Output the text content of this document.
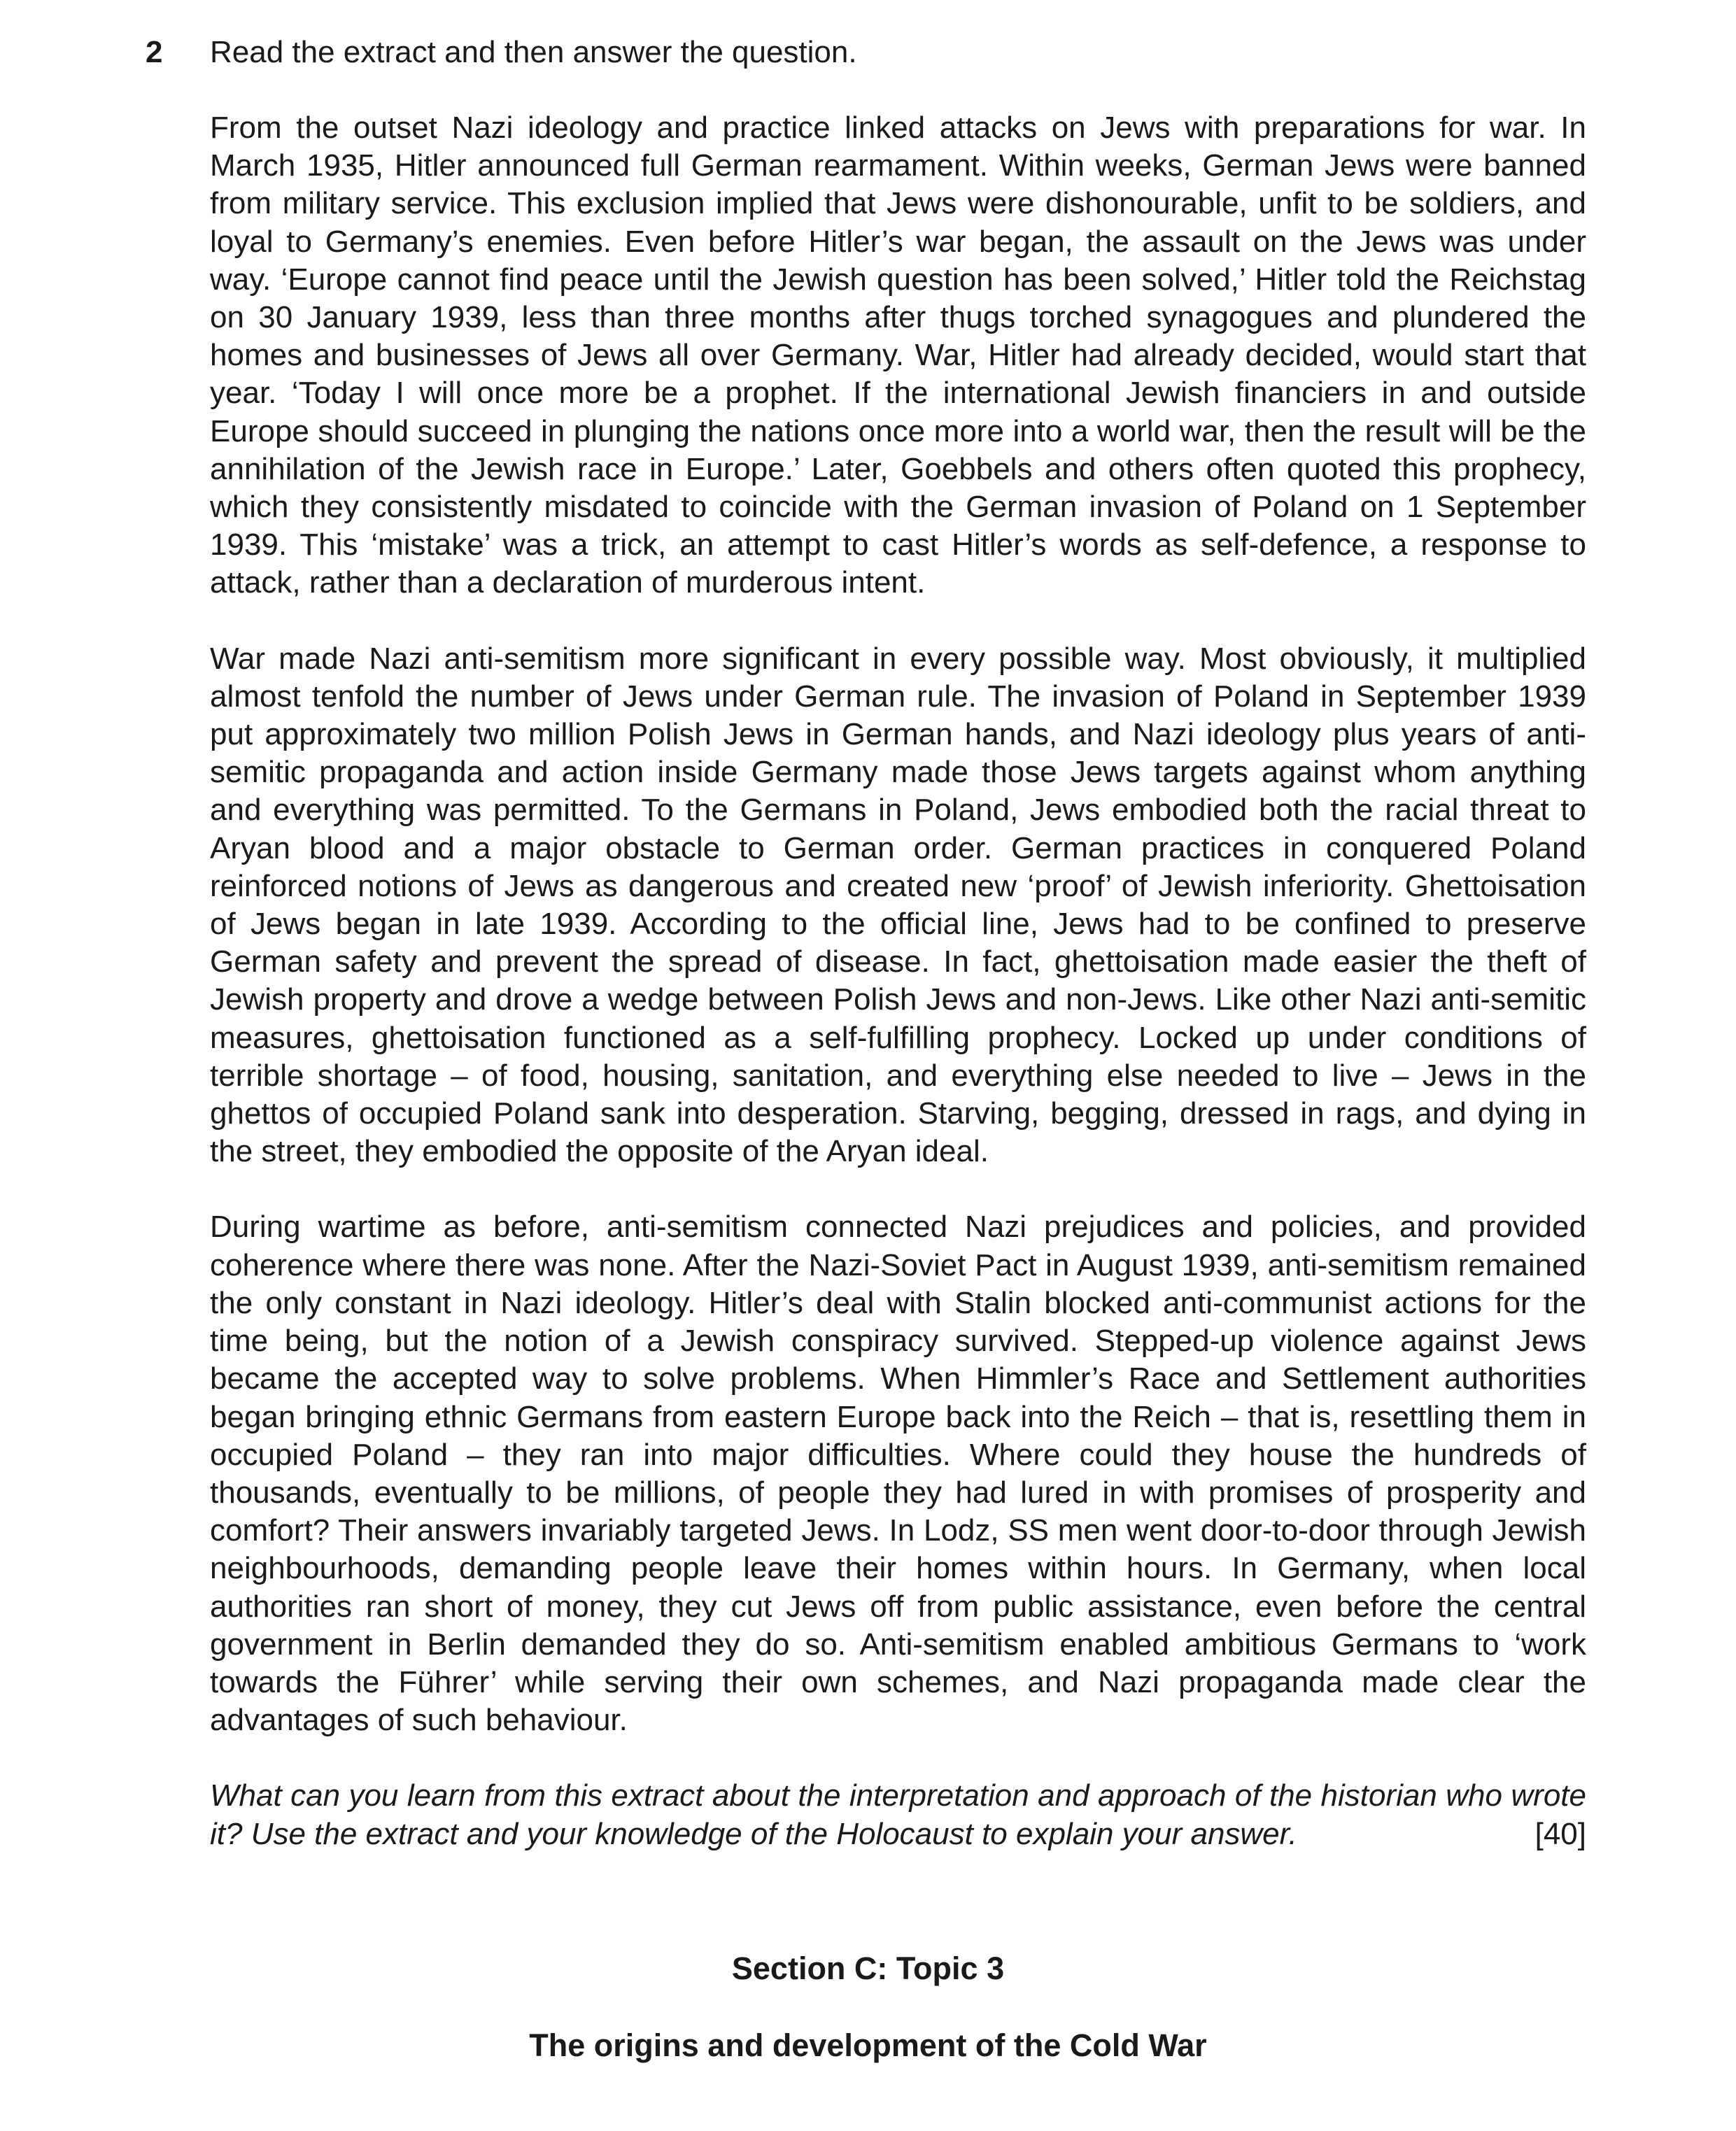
2 Read the extract and then answer the question.

From the outset Nazi ideology and practice linked attacks on Jews with preparations for war. In March 1935, Hitler announced full German rearmament. Within weeks, German Jews were banned from military service. This exclusion implied that Jews were dishonourable, unfit to be soldiers, and loyal to Germany’s enemies. Even before Hitler’s war began, the assault on the Jews was under way. ‘Europe cannot find peace until the Jewish question has been solved,’ Hitler told the Reichstag on 30 January 1939, less than three months after thugs torched synagogues and plundered the homes and businesses of Jews all over Germany. War, Hitler had already decided, would start that year. ‘Today I will once more be a prophet. If the international Jewish financiers in and outside Europe should succeed in plunging the nations once more into a world war, then the result will be the annihilation of the Jewish race in Europe.’ Later, Goebbels and others often quoted this prophecy, which they consistently misdated to coincide with the German invasion of Poland on 1 September 1939. This ‘mistake’ was a trick, an attempt to cast Hitler’s words as self-defence, a response to attack, rather than a declaration of murderous intent.

War made Nazi anti-semitism more significant in every possible way. Most obviously, it multiplied almost tenfold the number of Jews under German rule. The invasion of Poland in September 1939 put approximately two million Polish Jews in German hands, and Nazi ideology plus years of anti-semitic propaganda and action inside Germany made those Jews targets against whom anything and everything was permitted. To the Germans in Poland, Jews embodied both the racial threat to Aryan blood and a major obstacle to German order. German practices in conquered Poland reinforced notions of Jews as dangerous and created new ‘proof’ of Jewish inferiority. Ghettoisation of Jews began in late 1939. According to the official line, Jews had to be confined to preserve German safety and prevent the spread of disease. In fact, ghettoisation made easier the theft of Jewish property and drove a wedge between Polish Jews and non-Jews. Like other Nazi anti-semitic measures, ghettoisation functioned as a self-fulfilling prophecy. Locked up under conditions of terrible shortage – of food, housing, sanitation, and everything else needed to live – Jews in the ghettos of occupied Poland sank into desperation. Starving, begging, dressed in rags, and dying in the street, they embodied the opposite of the Aryan ideal.

During wartime as before, anti-semitism connected Nazi prejudices and policies, and provided coherence where there was none. After the Nazi-Soviet Pact in August 1939, anti-semitism remained the only constant in Nazi ideology. Hitler’s deal with Stalin blocked anti-communist actions for the time being, but the notion of a Jewish conspiracy survived. Stepped-up violence against Jews became the accepted way to solve problems. When Himmler’s Race and Settlement authorities began bringing ethnic Germans from eastern Europe back into the Reich – that is, resettling them in occupied Poland – they ran into major difficulties. Where could they house the hundreds of thousands, eventually to be millions, of people they had lured in with promises of prosperity and comfort? Their answers invariably targeted Jews. In Lodz, SS men went door-to-door through Jewish neighbourhoods, demanding people leave their homes within hours. In Germany, when local authorities ran short of money, they cut Jews off from public assistance, even before the central government in Berlin demanded they do so. Anti-semitism enabled ambitious Germans to ‘work towards the Führer’ while serving their own schemes, and Nazi propaganda made clear the advantages of such behaviour.

What can you learn from this extract about the interpretation and approach of the historian who wrote it? Use the extract and your knowledge of the Holocaust to explain your answer.	[40]

Section C: Topic 3
The origins and development of the Cold War
